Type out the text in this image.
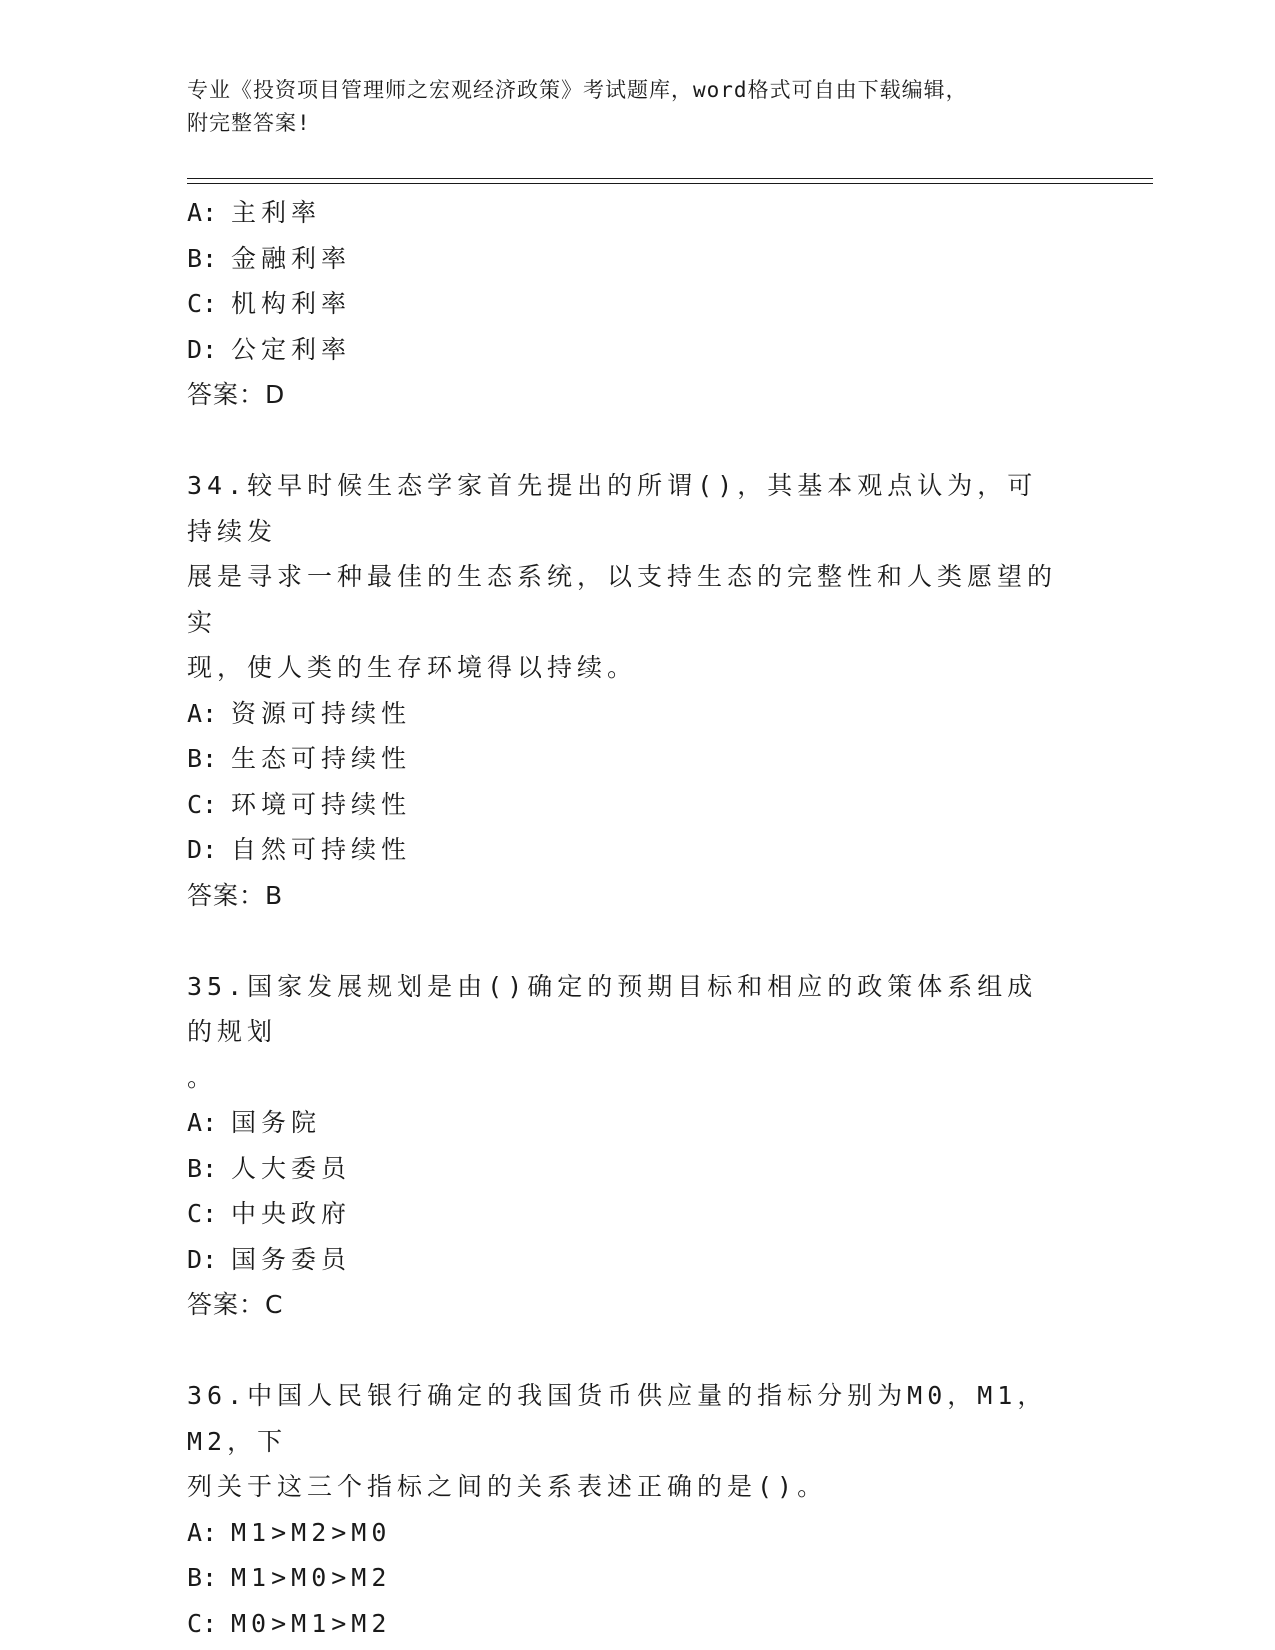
专业《投资项目管理师之宏观经济政策》考试题库，word格式可自由下载编辑，
附完整答案!
A: 主利率
B: 金融利率
C: 机构利率
D: 公定利率
答案：D
34.较早时候生态学家首先提出的所谓()，其基本观点认为，可持续发
展是寻求一种最佳的生态系统，以支持生态的完整性和人类愿望的实
现，使人类的生存环境得以持续。
A: 资源可持续性
B: 生态可持续性
C: 环境可持续性
D: 自然可持续性
答案：B
35.国家发展规划是由()确定的预期目标和相应的政策体系组成的规划
。
A: 国务院
B: 人大委员
C: 中央政府
D: 国务委员
答案：C
36.中国人民银行确定的我国货币供应量的指标分别为M0，M1，M2，下
列关于这三个指标之间的关系表述正确的是()。
A: M1>M2>M0
B: M1>M0>M2
C: M0>M1>M2
